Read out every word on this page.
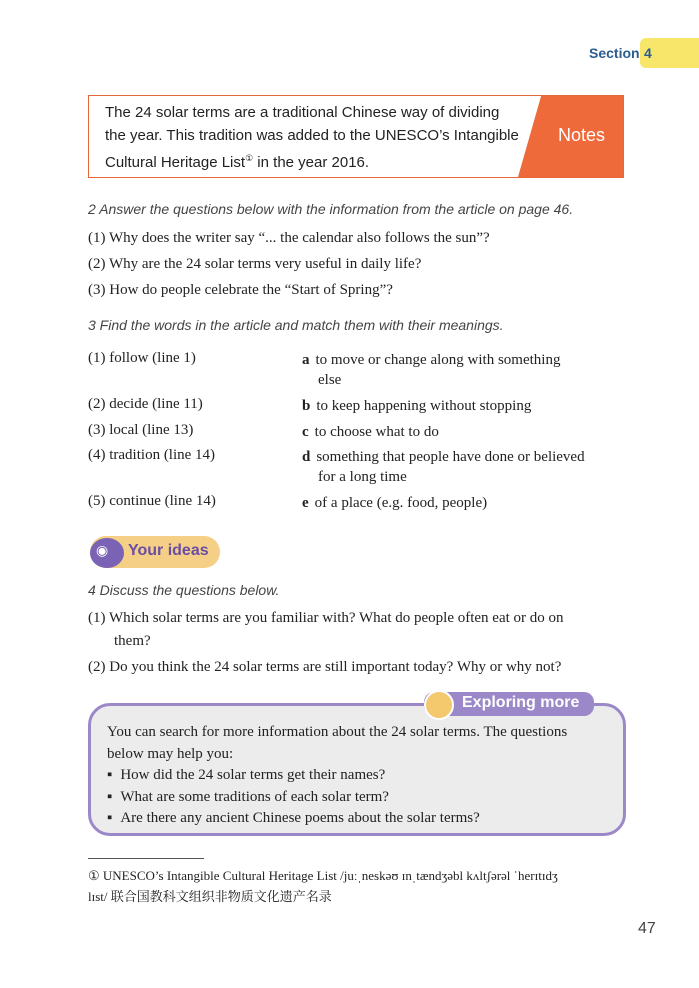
Section 4
The 24 solar terms are a traditional Chinese way of dividing
the year. This tradition was added to the UNESCO’s Intangible
Cultural Heritage List① in the year 2016.
Notes
2 Answer the questions below with the information from the article on page 46.
(1) Why does the writer say “... the calendar also follows the sun”?
(2) Why are the 24 solar terms very useful in daily life?
(3) How do people celebrate the “Start of Spring”?
3 Find the words in the article and match them with their meanings.
(1) follow (line 1)	a to move or change along with something
else
(2) decide (line 11)	b to keep happening without stopping
(3) local (line 13)	c to choose what to do
(4) tradition (line 14)	d something that people have done or believed
for a long time
(5) continue (line 14)	e of a place (e.g. food, people)
◉ Your ideas
4 Discuss the questions below.
(1) Which solar terms are you familiar with? What do people often eat or do on
them?
(2) Do you think the 24 solar terms are still important today? Why or why not?
Exploring more
You can search for more information about the 24 solar terms. The questions
below may help you:
▪ How did the 24 solar terms get their names?
▪ What are some traditions of each solar term?
▪ Are there any ancient Chinese poems about the solar terms?
① UNESCO’s Intangible Cultural Heritage List /juːˌneskəʊ ɪnˌtændʒəbl kʌltʃərəl ˈherɪtɪdʒ
lɪst/ 联合国教科文组织非物质文化遗产名录
47
